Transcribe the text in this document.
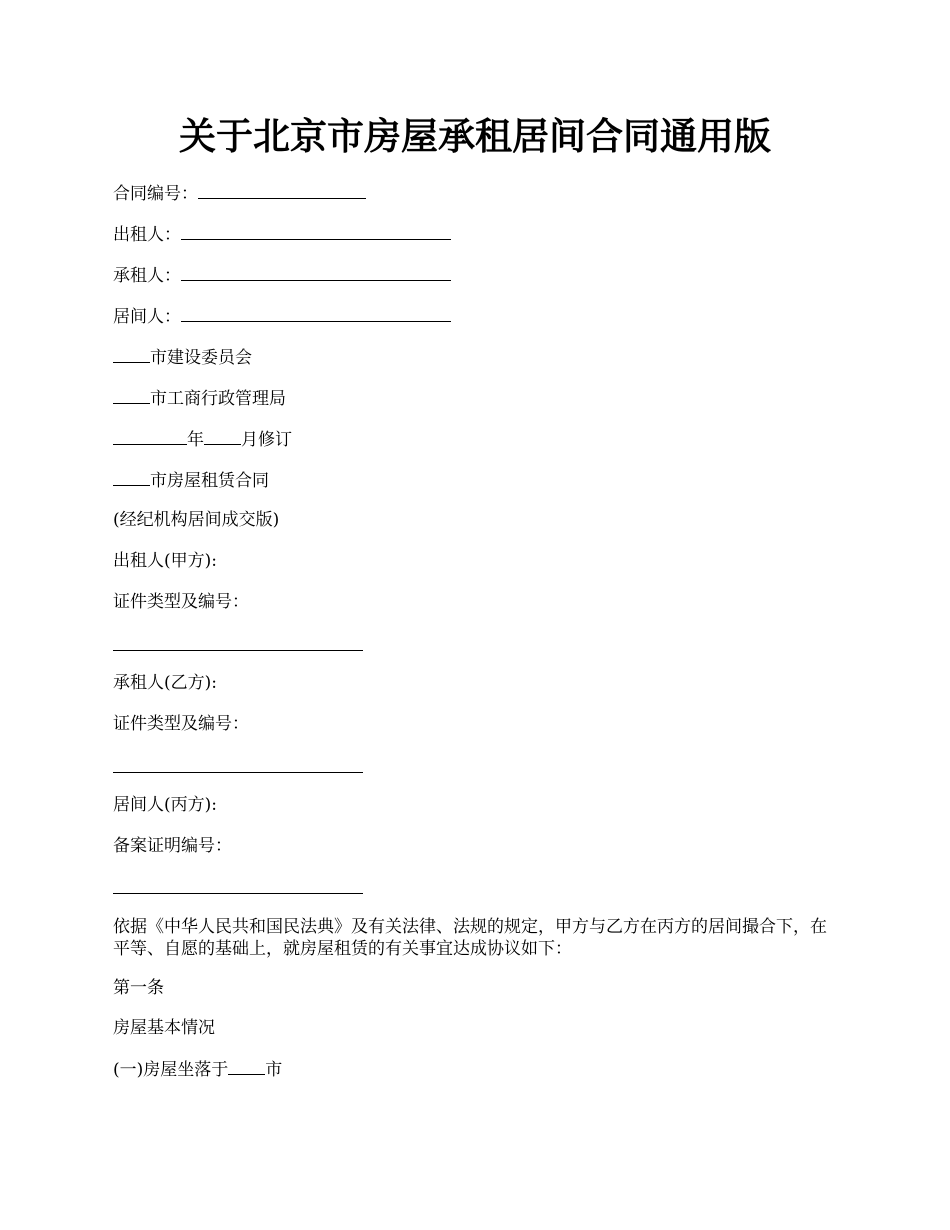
关于北京市房屋承租居间合同通用版
合同编号：
出租人：
承租人：
居间人：
市建设委员会
市工商行政管理局
年 月修订
市房屋租赁合同
(经纪机构居间成交版)
出租人(甲方):
证件类型及编号：
承租人(乙方):
证件类型及编号：
居间人(丙方):
备案证明编号：
依据《中华人民共和国民法典》及有关法律、法规的规定，甲方与乙方在丙方的居间撮合下，在平等、自愿的基础上，就房屋租赁的有关事宜达成协议如下：
第一条
房屋基本情况
(一)房屋坐落于 市
